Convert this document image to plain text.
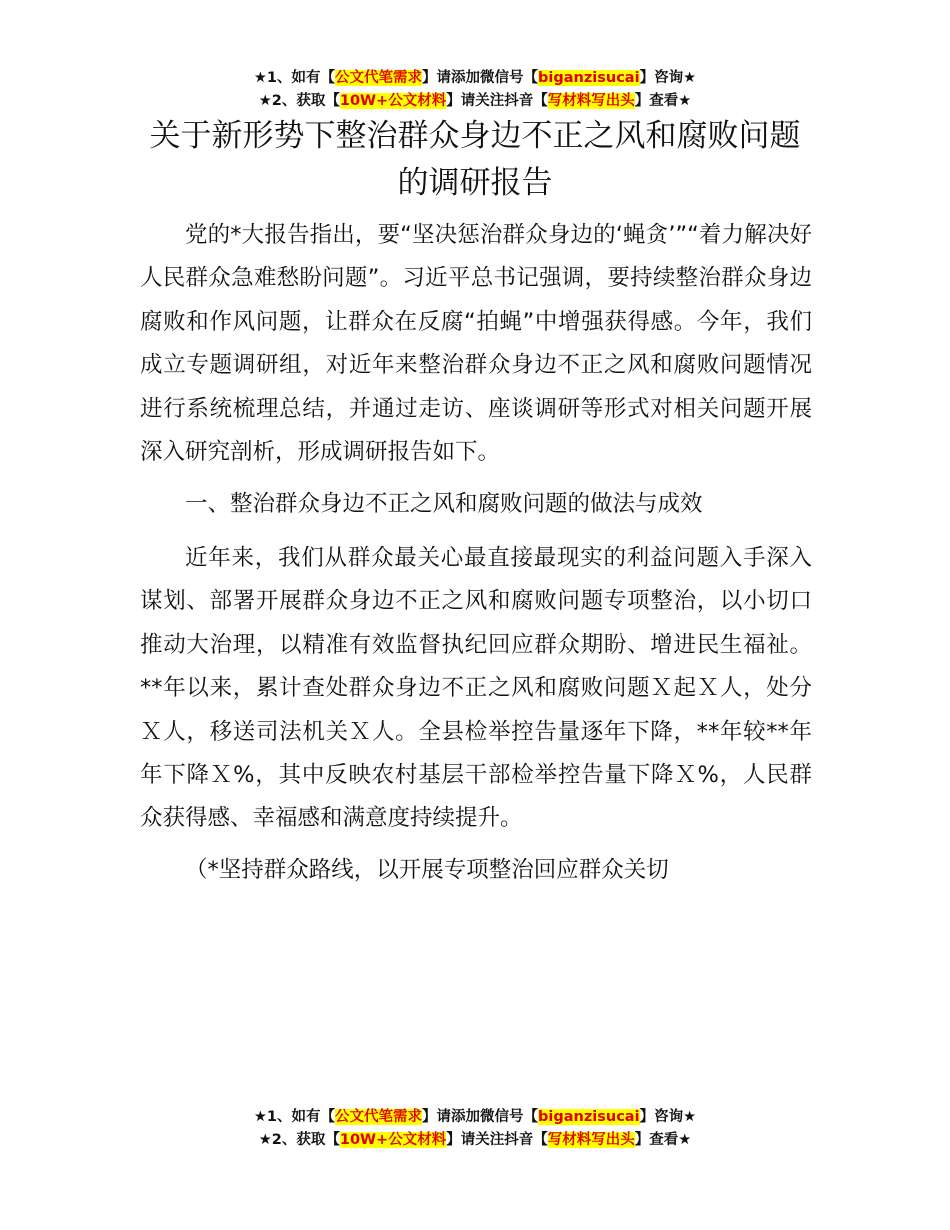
★1、如有【公文代笔需求】请添加微信号【biganzisucai】咨询★
★2、获取【10W+公文材料】请关注抖音【写材料写出头】查看★
关于新形势下整治群众身边不正之风和腐败问题的调研报告

党的*大报告指出，要“坚决惩治群众身边的‘蝇贪’”“着力解决好人民群众急难愁盼问题”。习近平总书记强调，要持续整治群众身边腐败和作风问题，让群众在反腐“拍蝇”中增强获得感。今年，我们成立专题调研组，对近年来整治群众身边不正之风和腐败问题情况进行系统梳理总结，并通过走访、座谈调研等形式对相关问题开展深入研究剖析，形成调研报告如下。

一、整治群众身边不正之风和腐败问题的做法与成效

近年来，我们从群众最关心最直接最现实的利益问题入手深入谋划、部署开展群众身边不正之风和腐败问题专项整治，以小切口推动大治理，以精准有效监督执纪回应群众期盼、增进民生福祉。**年以来，累计查处群众身边不正之风和腐败问题Ｘ起Ｘ人，处分Ｘ人，移送司法机关Ｘ人。全县检举控告量逐年下降，**年较**年年下降Ｘ%，其中反映农村基层干部检举控告量下降Ｘ%，人民群众获得感、幸福感和满意度持续提升。

（*坚持群众路线，以开展专项整治回应群众关切

★1、如有【公文代笔需求】请添加微信号【biganzisucai】咨询★
★2、获取【10W+公文材料】请关注抖音【写材料写出头】查看★
